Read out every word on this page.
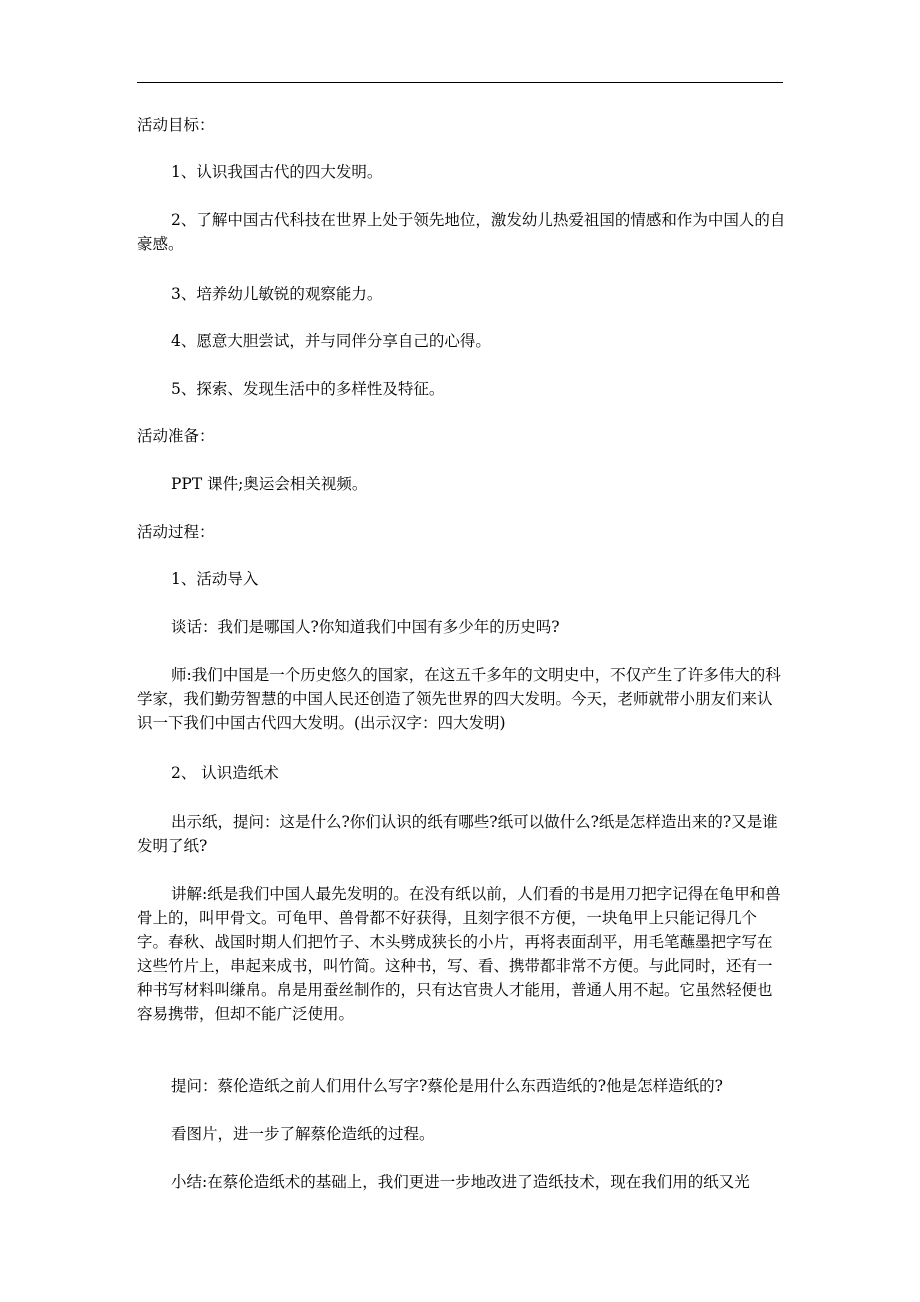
活动目标：

1、认识我国古代的四大发明。

2、了解中国古代科技在世界上处于领先地位，激发幼儿热爱祖国的情感和作为中国人的自豪感。

3、培养幼儿敏锐的观察能力。

4、愿意大胆尝试，并与同伴分享自己的心得。

5、探索、发现生活中的多样性及特征。

活动准备：

PPT 课件;奥运会相关视频。

活动过程：

1、活动导入

谈话：我们是哪国人?你知道我们中国有多少年的历史吗?

师:我们中国是一个历史悠久的国家，在这五千多年的文明史中，不仅产生了许多伟大的科学家，我们勤劳智慧的中国人民还创造了领先世界的四大发明。今天，老师就带小朋友们来认识一下我们中国古代四大发明。(出示汉字：四大发明)

2、 认识造纸术

出示纸，提问：这是什么?你们认识的纸有哪些?纸可以做什么?纸是怎样造出来的?又是谁发明了纸?

讲解:纸是我们中国人最先发明的。在没有纸以前，人们看的书是用刀把字记得在龟甲和兽骨上的，叫甲骨文。可龟甲、兽骨都不好获得，且刻字很不方便，一块龟甲上只能记得几个字。春秋、战国时期人们把竹子、木头劈成狭长的小片，再将表面刮平，用毛笔蘸墨把字写在这些竹片上，串起来成书，叫竹简。这种书，写、看、携带都非常不方便。与此同时，还有一种书写材料叫缣帛。帛是用蚕丝制作的，只有达官贵人才能用，普通人用不起。它虽然轻便也容易携带，但却不能广泛使用。

提问：蔡伦造纸之前人们用什么写字?蔡伦是用什么东西造纸的?他是怎样造纸的?

看图片，进一步了解蔡伦造纸的过程。

小结:在蔡伦造纸术的基础上，我们更进一步地改进了造纸技术，现在我们用的纸又光
